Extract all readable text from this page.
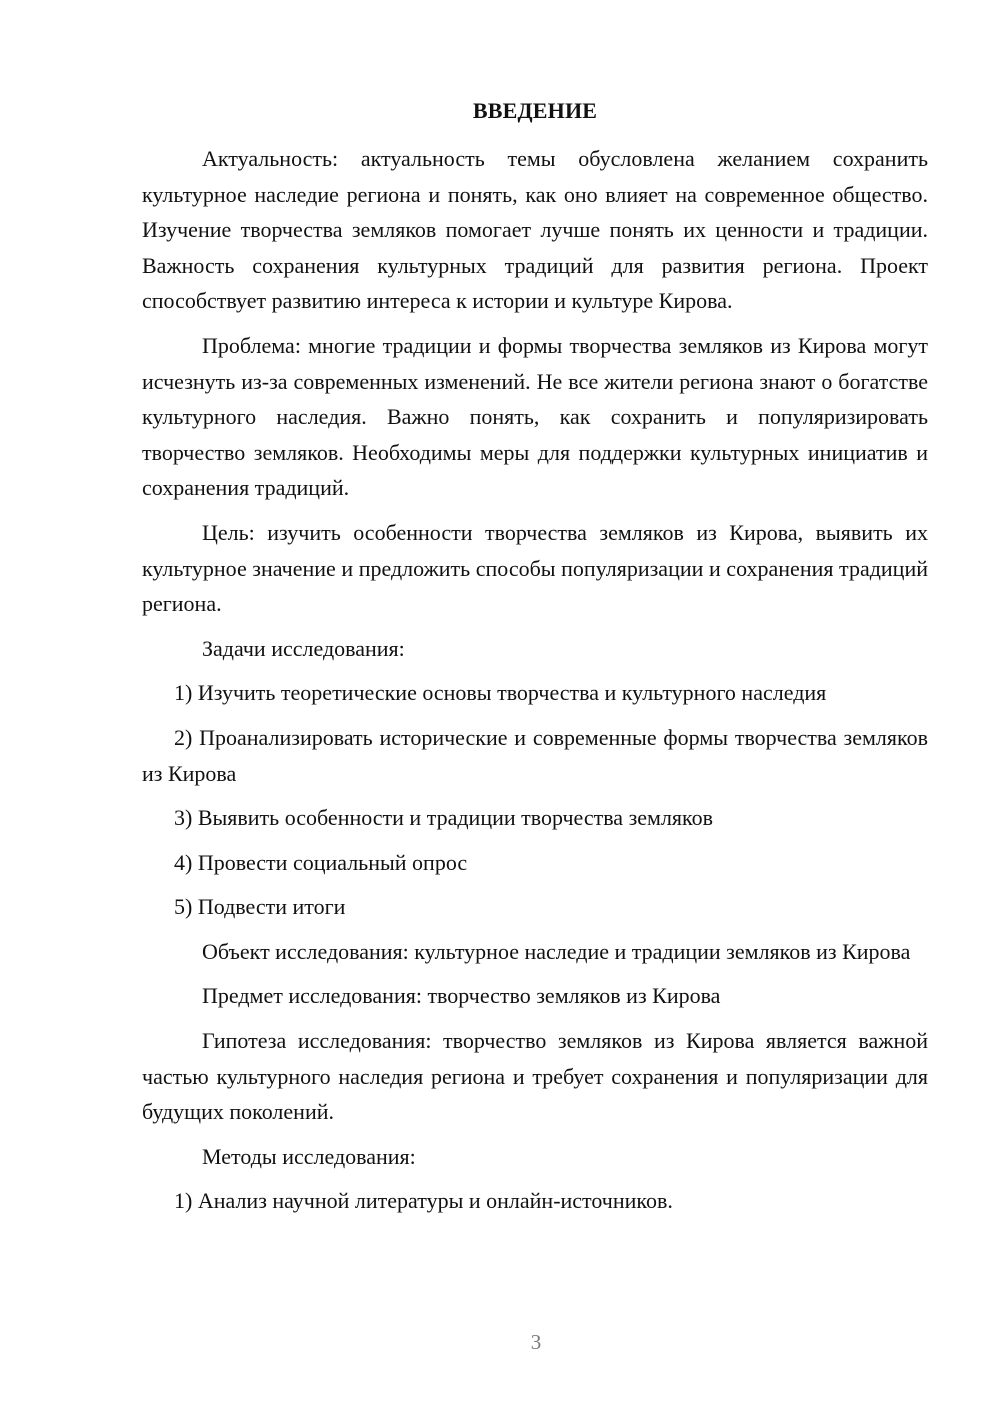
ВВЕДЕНИЕ

Актуальность: актуальность темы обусловлена желанием сохранить культурное наследие региона и понять, как оно влияет на современное общество. Изучение творчества земляков помогает лучше понять их ценности и традиции. Важность сохранения культурных традиций для развития региона. Проект способствует развитию интереса к истории и культуре Кирова.

Проблема: многие традиции и формы творчества земляков из Кирова могут исчезнуть из-за современных изменений. Не все жители региона знают о богатстве культурного наследия. Важно понять, как сохранить и популяризировать творчество земляков. Необходимы меры для поддержки культурных инициатив и сохранения традиций.

Цель: изучить особенности творчества земляков из Кирова, выявить их культурное значение и предложить способы популяризации и сохранения традиций региона.

Задачи исследования:

1) Изучить теоретические основы творчества и культурного наследия

2) Проанализировать исторические и современные формы творчества земляков из Кирова

3) Выявить особенности и традиции творчества земляков

4) Провести социальный опрос

5) Подвести итоги

Объект исследования: культурное наследие и традиции земляков из Кирова

Предмет исследования: творчество земляков из Кирова

Гипотеза исследования: творчество земляков из Кирова является важной частью культурного наследия региона и требует сохранения и популяризации для будущих поколений.

Методы исследования:

1) Анализ научной литературы и онлайн-источников.

3
